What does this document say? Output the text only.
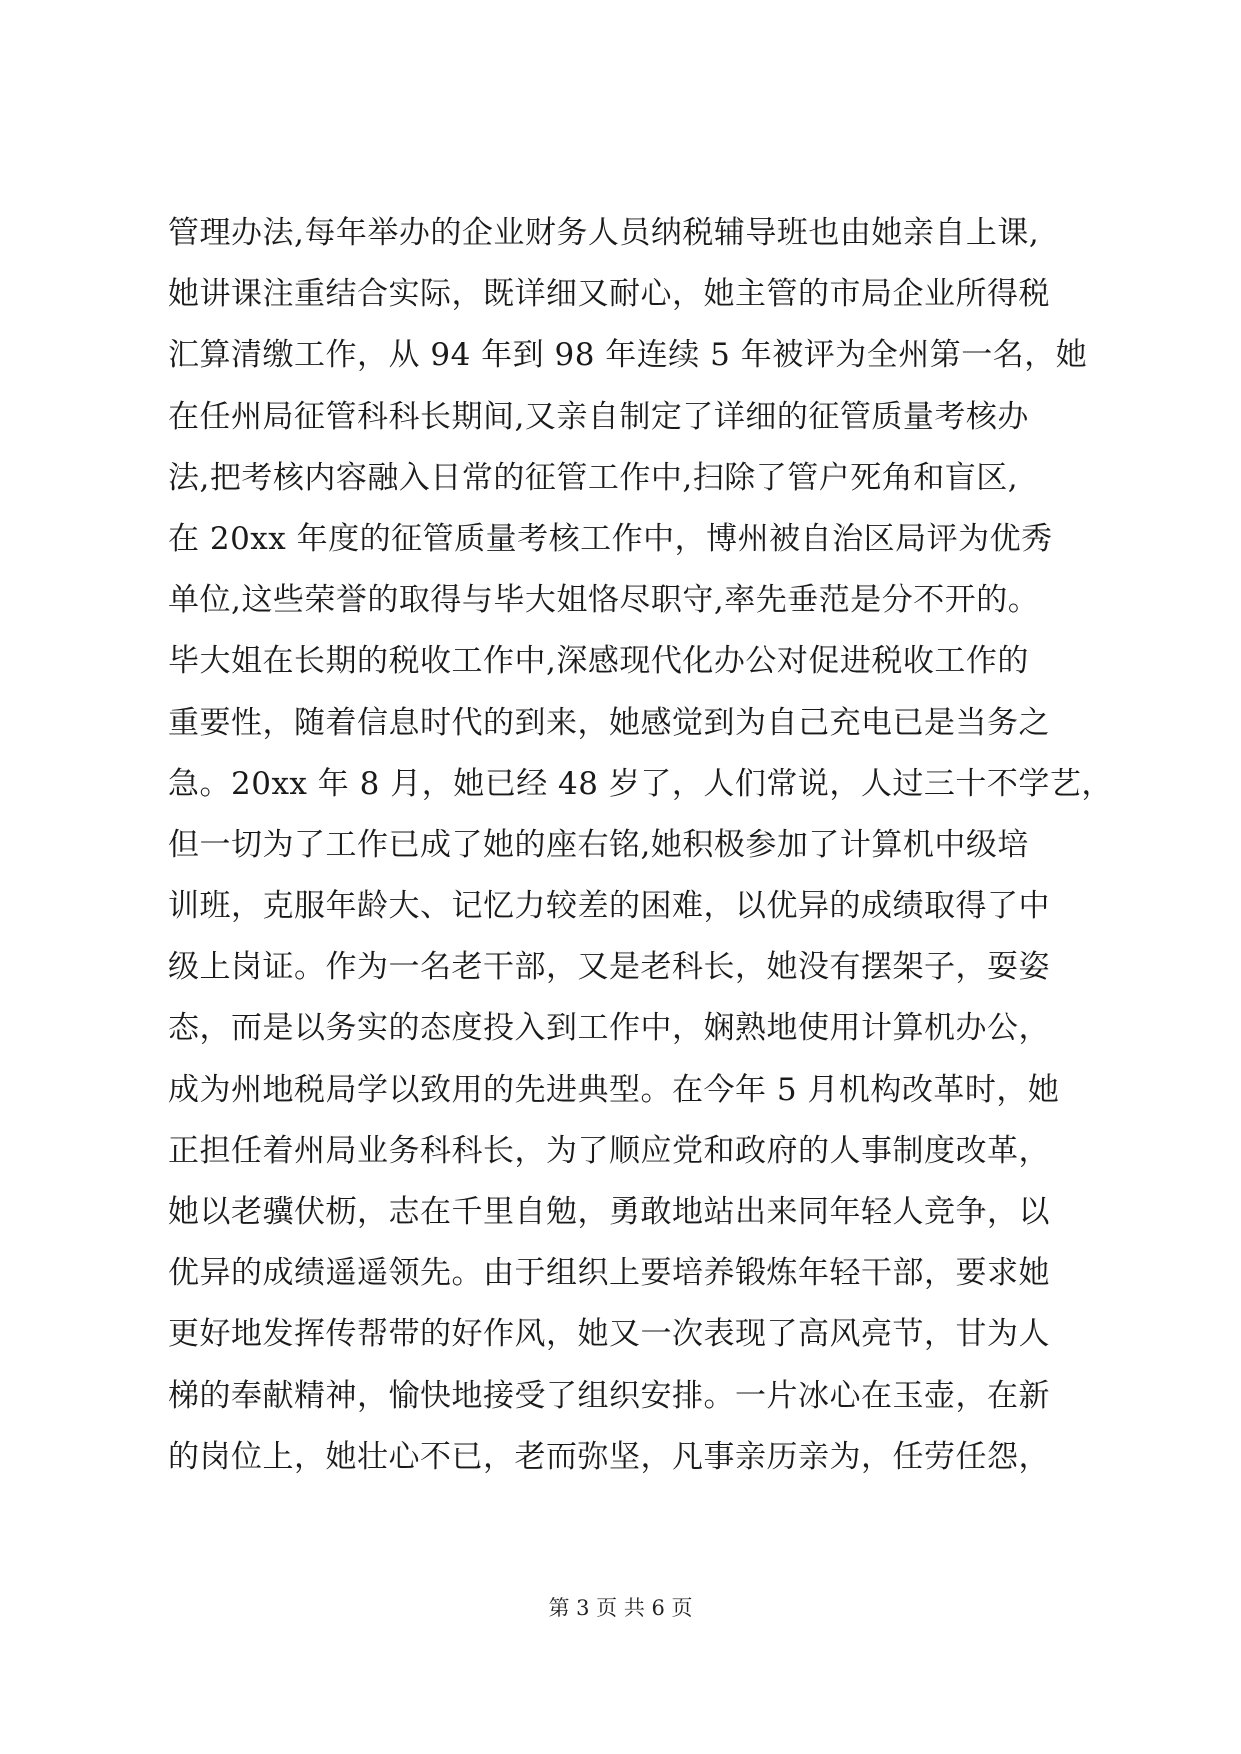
管理办法,每年举办的企业财务人员纳税辅导班也由她亲自上课,
她讲课注重结合实际，既详细又耐心，她主管的市局企业所得税
汇算清缴工作，从 94 年到 98 年连续 5 年被评为全州第一名，她
在任州局征管科科长期间,又亲自制定了详细的征管质量考核办
法,把考核内容融入日常的征管工作中,扫除了管户死角和盲区,
在 20xx 年度的征管质量考核工作中，博州被自治区局评为优秀
单位,这些荣誉的取得与毕大姐恪尽职守,率先垂范是分不开的。
毕大姐在长期的税收工作中,深感现代化办公对促进税收工作的
重要性，随着信息时代的到来，她感觉到为自己充电已是当务之
急。20xx 年 8 月，她已经 48 岁了，人们常说，人过三十不学艺，
但一切为了工作已成了她的座右铭,她积极参加了计算机中级培
训班，克服年龄大、记忆力较差的困难，以优异的成绩取得了中
级上岗证。作为一名老干部，又是老科长，她没有摆架子，耍姿
态，而是以务实的态度投入到工作中，娴熟地使用计算机办公，
成为州地税局学以致用的先进典型。在今年 5 月机构改革时，她
正担任着州局业务科科长，为了顺应党和政府的人事制度改革，
她以老骥伏枥，志在千里自勉，勇敢地站出来同年轻人竞争，以
优异的成绩遥遥领先。由于组织上要培养锻炼年轻干部，要求她
更好地发挥传帮带的好作风，她又一次表现了高风亮节，甘为人
梯的奉献精神，愉快地接受了组织安排。一片冰心在玉壶，在新
的岗位上，她壮心不已，老而弥坚，凡事亲历亲为，任劳任怨，
第 3 页 共 6 页
